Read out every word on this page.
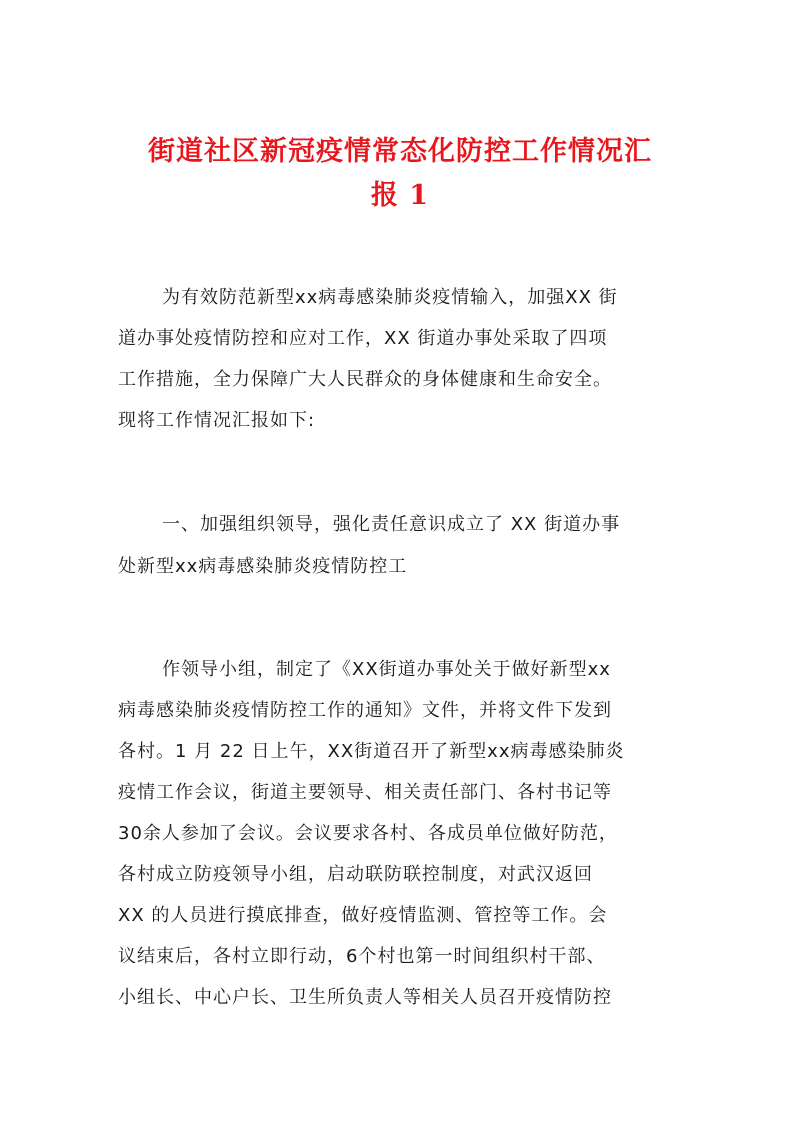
街道社区新冠疫情常态化防控工作情况汇
报 1
为有效防范新型xx病毒感染肺炎疫情输入，加强XX 街
道办事处疫情防控和应对工作，XX 街道办事处采取了四项
工作措施，全力保障广大人民群众的身体健康和生命安全。
现将工作情况汇报如下:
一、加强组织领导，强化责任意识成立了 XX 街道办事
处新型xx病毒感染肺炎疫情防控工
作领导小组，制定了《XX街道办事处关于做好新型xx
病毒感染肺炎疫情防控工作的通知》文件，并将文件下发到
各村。1 月 22 日上午，XX街道召开了新型xx病毒感染肺炎
疫情工作会议，街道主要领导、相关责任部门、各村书记等
30余人参加了会议。会议要求各村、各成员单位做好防范，
各村成立防疫领导小组，启动联防联控制度，对武汉返回
XX 的人员进行摸底排查，做好疫情监测、管控等工作。会
议结束后，各村立即行动，6个村也第一时间组织村干部、
小组长、中心户长、卫生所负责人等相关人员召开疫情防控
